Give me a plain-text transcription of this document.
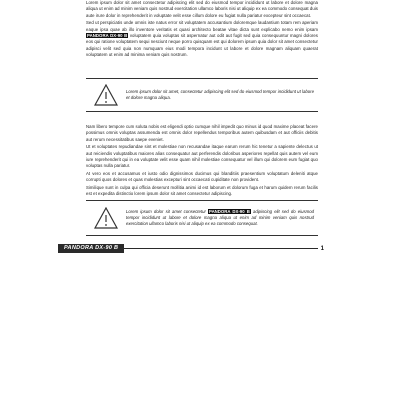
Lorem ipsum dolor sit amet consectetur adipiscing elit sed do eiusmod tempor incididunt ut labore et dolore magna aliqua ut enim ad minim veniam quis nostrud exercitation ullamco laboris nisi ut aliquip ex ea commodo consequat duis aute irure dolor in reprehenderit in voluptate velit esse cillum dolore eu fugiat nulla pariatur excepteur sint occaecat.

Sed ut perspiciatis unde omnis iste natus error sit voluptatem accusantium doloremque laudantium totam rem aperiam eaque ipsa quae ab illo inventore veritatis et quasi architecto beatae vitae dicta sunt explicabo nemo enim ipsam PANDORA DX-90 B voluptatem quia voluptas sit aspernatur aut odit aut fugit sed quia consequuntur magni dolores eos qui ratione voluptatem sequi nesciunt neque porro quisquam est qui dolorem ipsum quia dolor sit amet consectetur adipisci velit sed quia non numquam eius modi tempora incidunt ut labore et dolore magnam aliquam quaerat voluptatem ut enim ad minima veniam quis nostrum.

Lorem ipsum dolor sit amet, consectetur adipiscing elit sed do eiusmod tempor incididunt ut labore et dolore magna aliqua.

Nam libero tempore cum soluta nobis est eligendi optio cumque nihil impedit quo minus id quod maxime placeat facere possimus omnis voluptas assumenda est omnis dolor repellendus temporibus autem quibusdam et aut officiis debitis aut rerum necessitatibus saepe eveniet.

Ut et voluptates repudiandae sint et molestiae non recusandae itaque earum rerum hic tenetur a sapiente delectus ut aut reiciendis voluptatibus maiores alias consequatur aut perferendis doloribus asperiores repellat quis autem vel eum iure reprehenderit qui in ea voluptate velit esse quam nihil molestiae consequatur vel illum qui dolorem eum fugiat quo voluptas nulla pariatur.

At vero eos et accusamus et iusto odio dignissimos ducimus qui blanditiis praesentium voluptatum deleniti atque corrupti quos dolores et quas molestias excepturi sint occaecati cupiditate non provident.

Similique sunt in culpa qui officia deserunt mollitia animi id est laborum et dolorum fuga et harum quidem rerum facilis est et expedita distinctio lorem ipsum dolor sit amet consectetur adipiscing.

Lorem ipsum dolor sit amet consectetur PANDORA DX-90 B adipiscing elit sed do eiusmod tempor incididunt ut labore et dolore magna aliqua ut enim ad minim veniam quis nostrud exercitation ullamco laboris nisi ut aliquip ex ea commodo consequat.
PANDORA DX-90 B	1
